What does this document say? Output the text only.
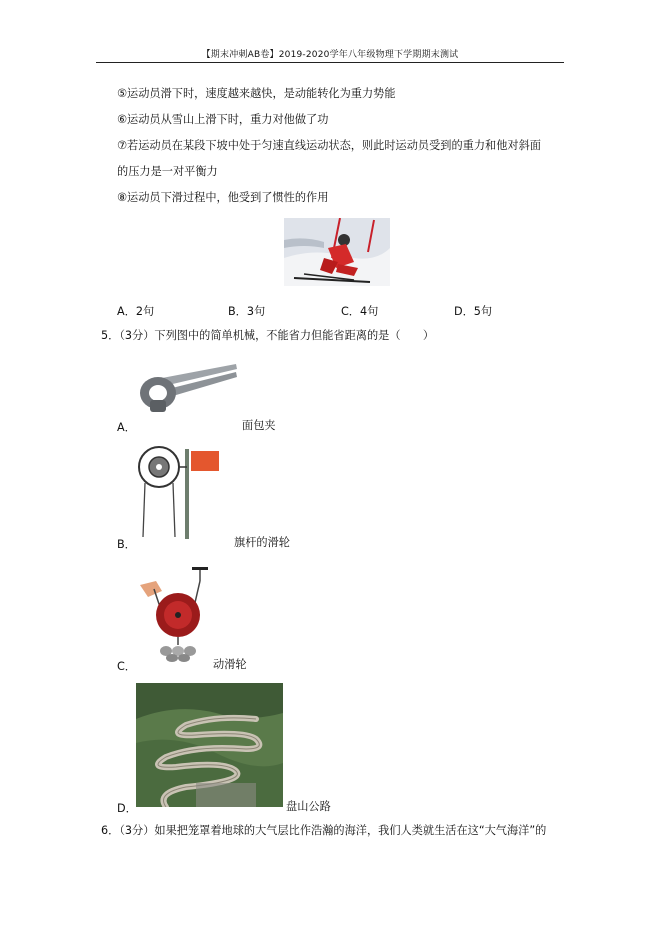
【期末冲刺AB卷】2019-2020学年八年级物理下学期期末测试
⑤运动员滑下时，速度越来越快，是动能转化为重力势能
⑥运动员从雪山上滑下时，重力对他做了功
⑦若运动员在某段下坡中处于匀速直线运动状态，则此时运动员受到的重力和他对斜面
的压力是一对平衡力
⑧运动员下滑过程中，他受到了惯性的作用
A．2句	B．3句	C．4句	D．5句
5．（3分）下列图中的简单机械，不能省力但能省距离的是（　　）
A．	面包夹
B．	旗杆的滑轮
C．	动滑轮
D．	盘山公路
6．（3分）如果把笼罩着地球的大气层比作浩瀚的海洋，我们人类就生活在这“大气海洋”的
